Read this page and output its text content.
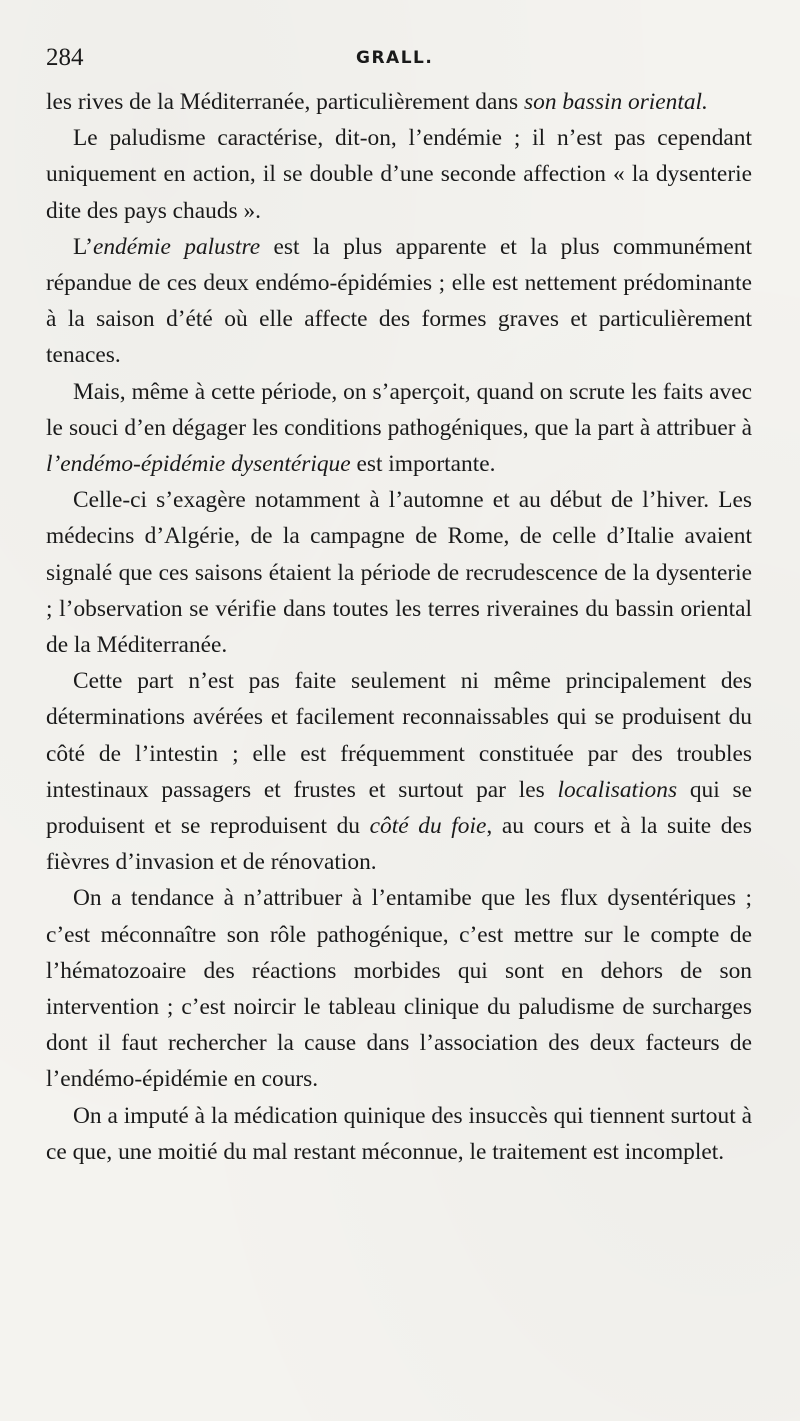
284	GRALL.

les rives de la Méditerranée, particulièrement dans son bassin oriental.

Le paludisme caractérise, dit-on, l’endémie ; il n’est pas cependant uniquement en action, il se double d’une seconde affection « la dysenterie dite des pays chauds ».

L’endémie palustre est la plus apparente et la plus communément répandue de ces deux endémo-épidémies ; elle est nettement prédominante à la saison d’été où elle affecte des formes graves et particulièrement tenaces.

Mais, même à cette période, on s’aperçoit, quand on scrute les faits avec le souci d’en dégager les conditions pathogéniques, que la part à attribuer à l’endémo-épidémie dysentérique est importante.

Celle-ci s’exagère notamment à l’automne et au début de l’hiver. Les médecins d’Algérie, de la campagne de Rome, de celle d’Italie avaient signalé que ces saisons étaient la période de recrudescence de la dysenterie ; l’observation se vérifie dans toutes les terres riveraines du bassin oriental de la Méditerranée.

Cette part n’est pas faite seulement ni même principalement des déterminations avérées et facilement reconnaissables qui se produisent du côté de l’intestin ; elle est fréquemment constituée par des troubles intestinaux passagers et frustes et surtout par les localisations qui se produisent et se reproduisent du côté du foie, au cours et à la suite des fièvres d’invasion et de rénovation.

On a tendance à n’attribuer à l’entamibe que les flux dysentériques ; c’est méconnaître son rôle pathogénique, c’est mettre sur le compte de l’hématozoaire des réactions morbides qui sont en dehors de son intervention ; c’est noircir le tableau clinique du paludisme de surcharges dont il faut rechercher la cause dans l’association des deux facteurs de l’endémo-épidémie en cours.

On a imputé à la médication quinique des insuccès qui tiennent surtout à ce que, une moitié du mal restant méconnue, le traitement est incomplet.
